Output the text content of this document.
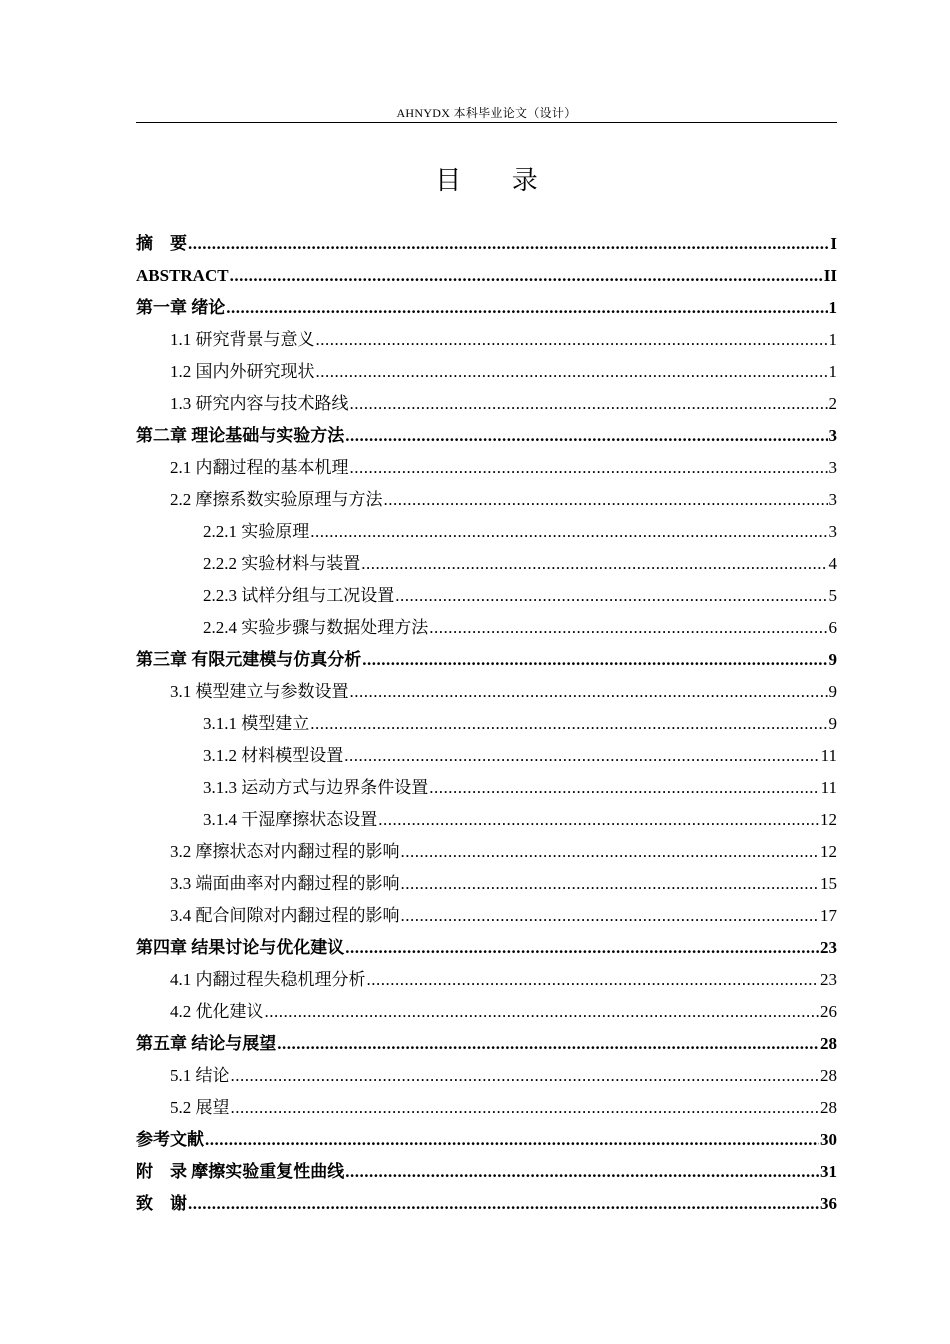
AHNYDX 本科毕业论文（设计）
目 录
摘　要 .....	I
ABSTRACT .....	II
第一章 绪论 .....	1
1.1 研究背景与意义 .....	1
1.2 国内外研究现状 .....	1
1.3 研究内容与技术路线 .....	2
第二章 理论基础与实验方法 .....	3
2.1 内翻过程的基本机理 .....	3
2.2 摩擦系数实验原理与方法 .....	3
2.2.1 实验原理 .....	3
2.2.2 实验材料与装置 .....	4
2.2.3 试样分组与工况设置 .....	5
2.2.4 实验步骤与数据处理方法 .....	6
第三章 有限元建模与仿真分析 .....	9
3.1 模型建立与参数设置 .....	9
3.1.1 模型建立 .....	9
3.1.2 材料模型设置 .....	11
3.1.3 运动方式与边界条件设置 .....	11
3.1.4 干湿摩擦状态设置 .....	12
3.2 摩擦状态对内翻过程的影响 .....	12
3.3 端面曲率对内翻过程的影响 .....	15
3.4 配合间隙对内翻过程的影响 .....	17
第四章 结果讨论与优化建议 .....	23
4.1 内翻过程失稳机理分析 .....	23
4.2 优化建议 .....	26
第五章 结论与展望 .....	28
5.1 结论 .....	28
5.2 展望 .....	28
参考文献 .....	30
附　录 摩擦实验重复性曲线 .....	31
致　谢 .....	36
